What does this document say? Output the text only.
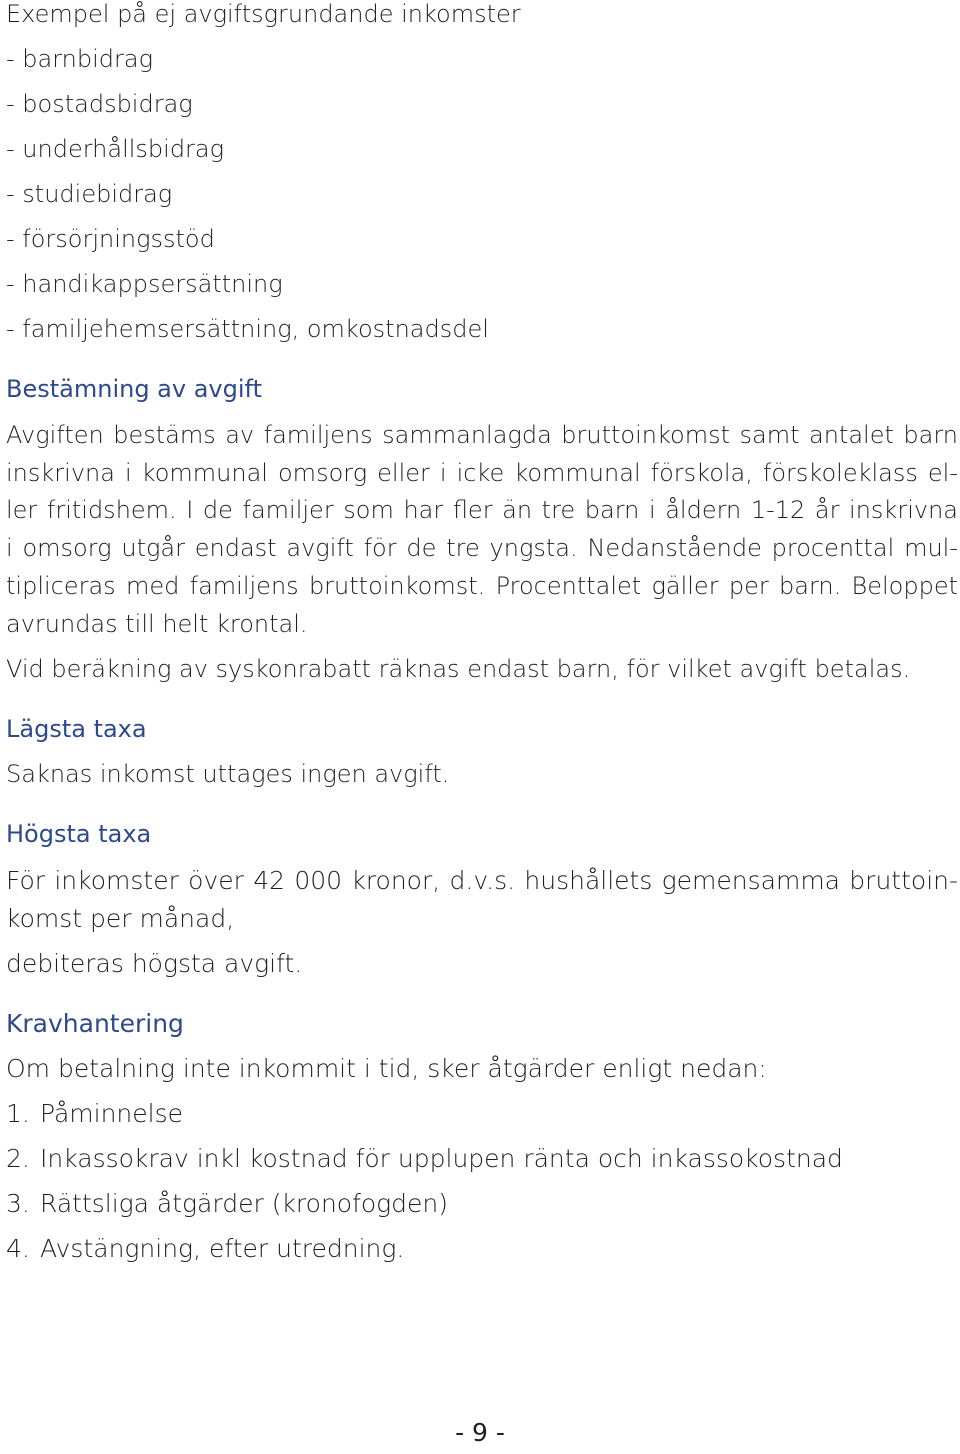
Exempel på ej avgiftsgrundande inkomster

- barnbidrag

- bostadsbidrag

- underhållsbidrag

- studiebidrag

- försörjningsstöd

- handikappsersättning

- familjehemsersättning, omkostnadsdel

Bestämning av avgift

Avgiften bestäms av familjens sammanlagda bruttoinkomst samt antalet barn

inskrivna i kommunal omsorg eller i icke kommunal förskola, förskoleklass el-

ler fritidshem. I de familjer som har fler än tre barn i åldern 1-12 år inskrivna

i omsorg utgår endast avgift för de tre yngsta. Nedanstående procenttal mul-

tipliceras med familjens bruttoinkomst. Procenttalet gäller per barn. Beloppet

avrundas till helt krontal.

Vid beräkning av syskonrabatt räknas endast barn, för vilket avgift betalas.

Lägsta taxa

Saknas inkomst uttages ingen avgift.

Högsta taxa

För inkomster över 42 000 kronor, d.v.s. hushållets gemensamma bruttoin-

komst per månad,

debiteras högsta avgift.

Kravhantering

Om betalning inte inkommit i tid, sker åtgärder enligt nedan:

1. Påminnelse

2. Inkassokrav inkl kostnad för upplupen ränta och inkassokostnad

3. Rättsliga åtgärder (kronofogden)

4. Avstängning, efter utredning.

- 9 -
